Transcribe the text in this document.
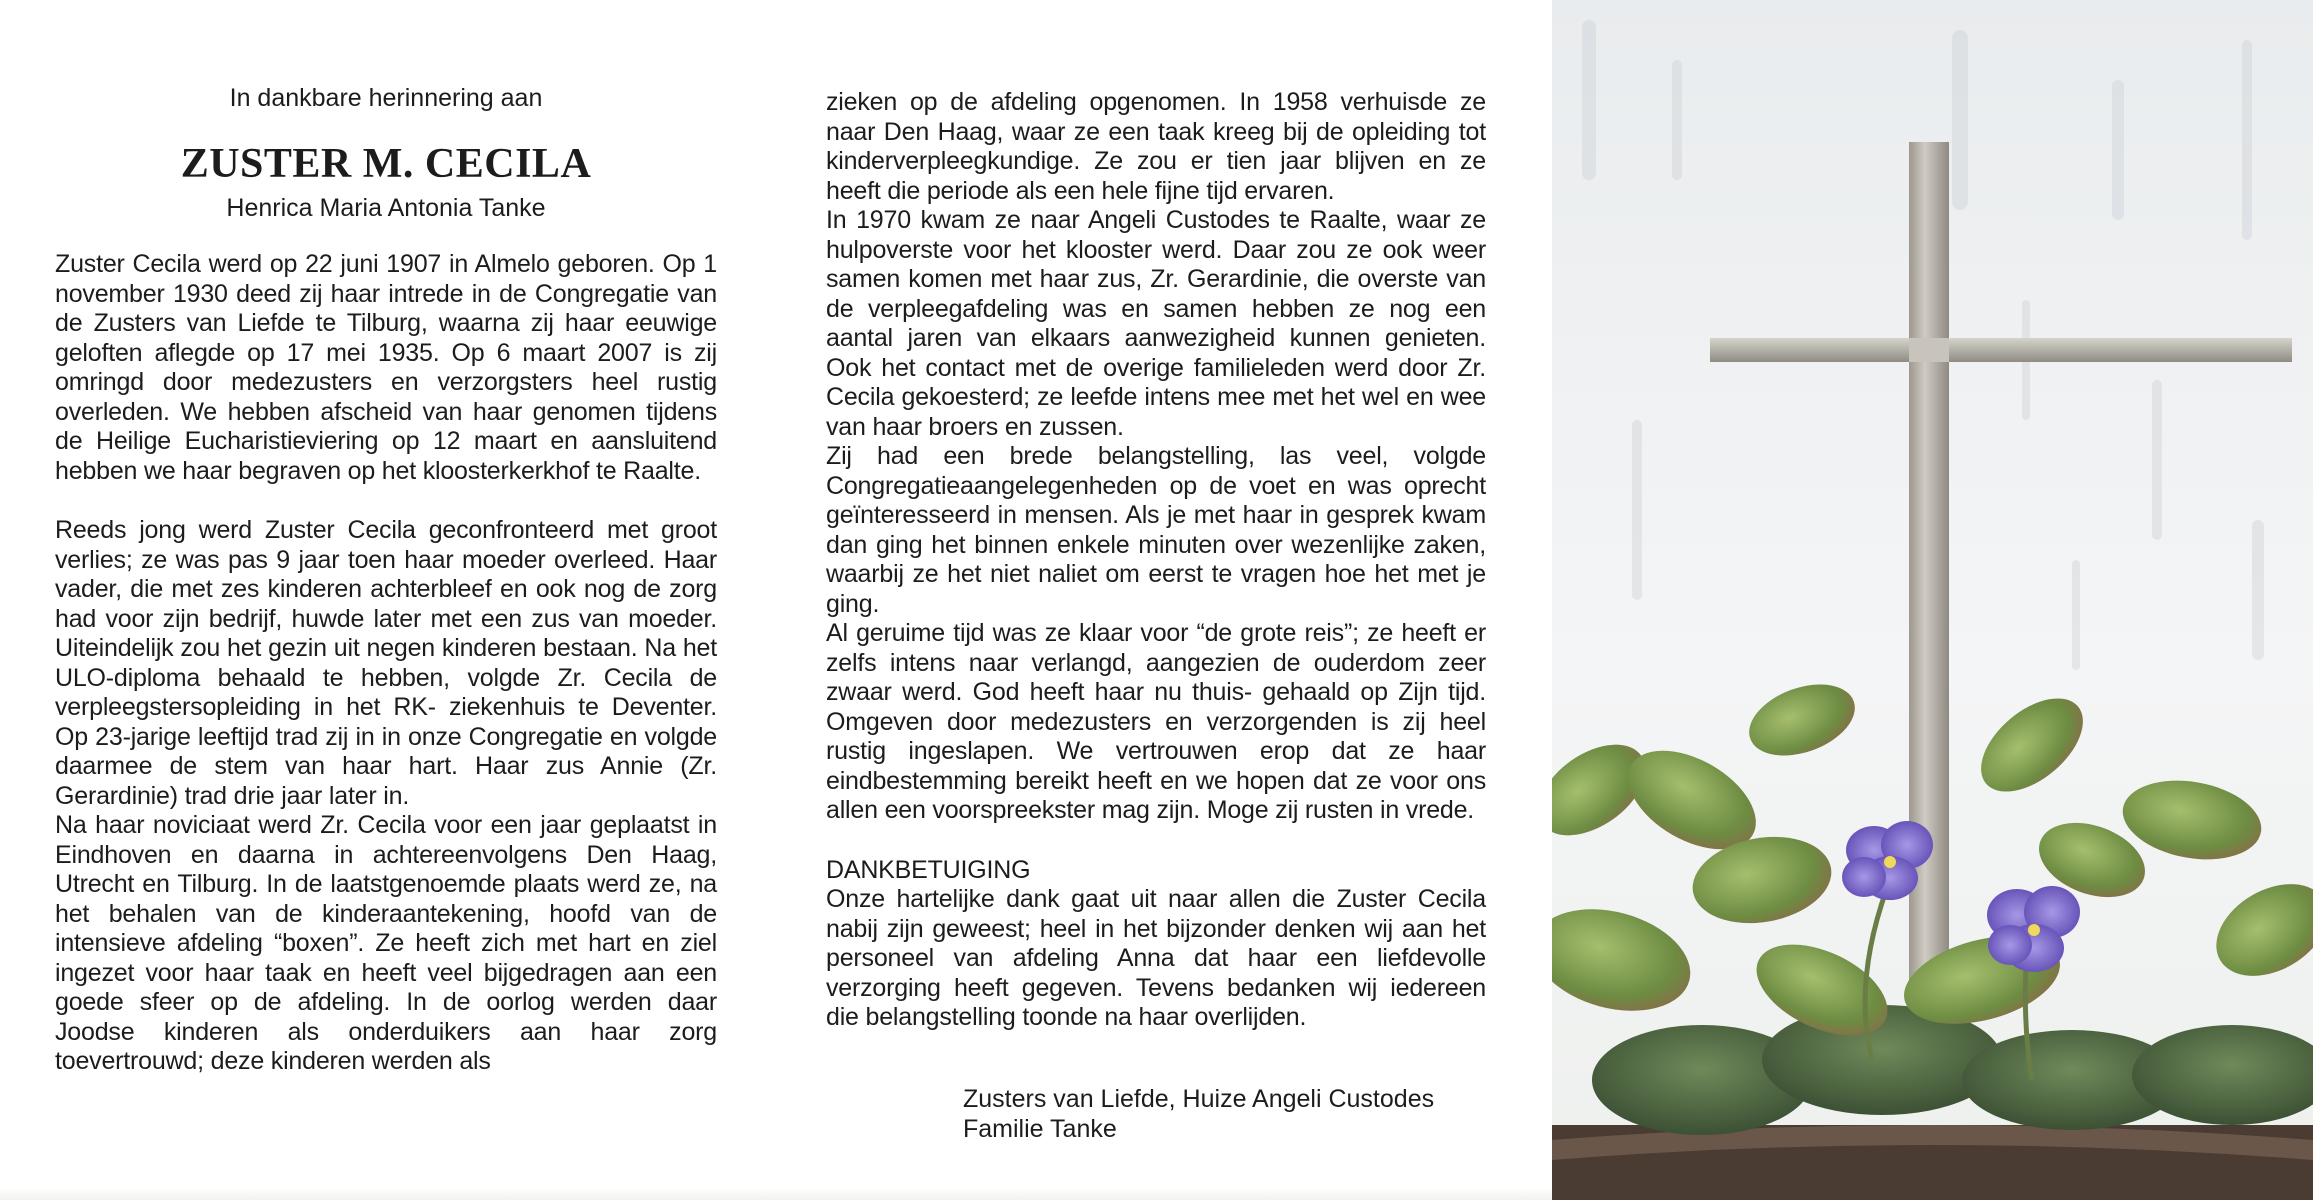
In dankbare herinnering aan
ZUSTER M. CECILA
Henrica Maria Antonia Tanke

Zuster Cecila werd op 22 juni 1907 in Almelo geboren. Op 1 november 1930 deed zij haar intrede in de Congregatie van de Zusters van Liefde te Tilburg, waarna zij haar eeuwige geloften aflegde op 17 mei 1935. Op 6 maart 2007 is zij omringd door medezusters en verzorgsters heel rustig overleden. We hebben afscheid van haar genomen tijdens de Heilige Eucharistieviering op 12 maart en aansluitend hebben we haar begraven op het kloosterkerkhof te Raalte.

Reeds jong werd Zuster Cecila geconfronteerd met groot verlies; ze was pas 9 jaar toen haar moeder overleed. Haar vader, die met zes kinderen achterbleef en ook nog de zorg had voor zijn bedrijf, huwde later met een zus van moeder. Uiteindelijk zou het gezin uit negen kinderen bestaan. Na het ULO-diploma behaald te hebben, volgde Zr. Cecila de verpleegstersopleiding in het RK- ziekenhuis te Deventer. Op 23-jarige leeftijd trad zij in in onze Congregatie en volgde daarmee de stem van haar hart. Haar zus Annie (Zr. Gerardinie) trad drie jaar later in.

Na haar noviciaat werd Zr. Cecila voor een jaar geplaatst in Eindhoven en daarna in achtereenvolgens Den Haag, Utrecht en Tilburg. In de laatstgenoemde plaats werd ze, na het behalen van de kinderaantekening, hoofd van de intensieve afdeling “boxen”. Ze heeft zich met hart en ziel ingezet voor haar taak en heeft veel bijgedragen aan een goede sfeer op de afdeling. In de oorlog werden daar Joodse kinderen als onderduikers aan haar zorg toevertrouwd; deze kinderen werden als

zieken op de afdeling opgenomen. In 1958 verhuisde ze naar Den Haag, waar ze een taak kreeg bij de opleiding tot kinderverpleegkundige. Ze zou er tien jaar blijven en ze heeft die periode als een hele fijne tijd ervaren.

In 1970 kwam ze naar Angeli Custodes te Raalte, waar ze hulpoverste voor het klooster werd. Daar zou ze ook weer samen komen met haar zus, Zr. Gerardinie, die overste van de verpleegafdeling was en samen hebben ze nog een aantal jaren van elkaars aanwezigheid kunnen genieten. Ook het contact met de overige familieleden werd door Zr. Cecila gekoesterd; ze leefde intens mee met het wel en wee van haar broers en zussen.

Zij had een brede belangstelling, las veel, volgde Congregatieaangelegenheden op de voet en was oprecht geïnteresseerd in mensen. Als je met haar in gesprek kwam dan ging het binnen enkele minuten over wezenlijke zaken, waarbij ze het niet naliet om eerst te vragen hoe het met je ging.

Al geruime tijd was ze klaar voor “de grote reis”; ze heeft er zelfs intens naar verlangd, aangezien de ouderdom zeer zwaar werd. God heeft haar nu thuis- gehaald op Zijn tijd. Omgeven door medezusters en verzorgenden is zij heel rustig ingeslapen. We vertrouwen erop dat ze haar eindbestemming bereikt heeft en we hopen dat ze voor ons allen een voorspreekster mag zijn. Moge zij rusten in vrede.

DANKBETUIGING

Onze hartelijke dank gaat uit naar allen die Zuster Cecila nabij zijn geweest; heel in het bijzonder denken wij aan het personeel van afdeling Anna dat haar een liefdevolle verzorging heeft gegeven. Tevens bedanken wij iedereen die belangstelling toonde na haar overlijden.

Zusters van Liefde, Huize Angeli Custodes
Familie Tanke
